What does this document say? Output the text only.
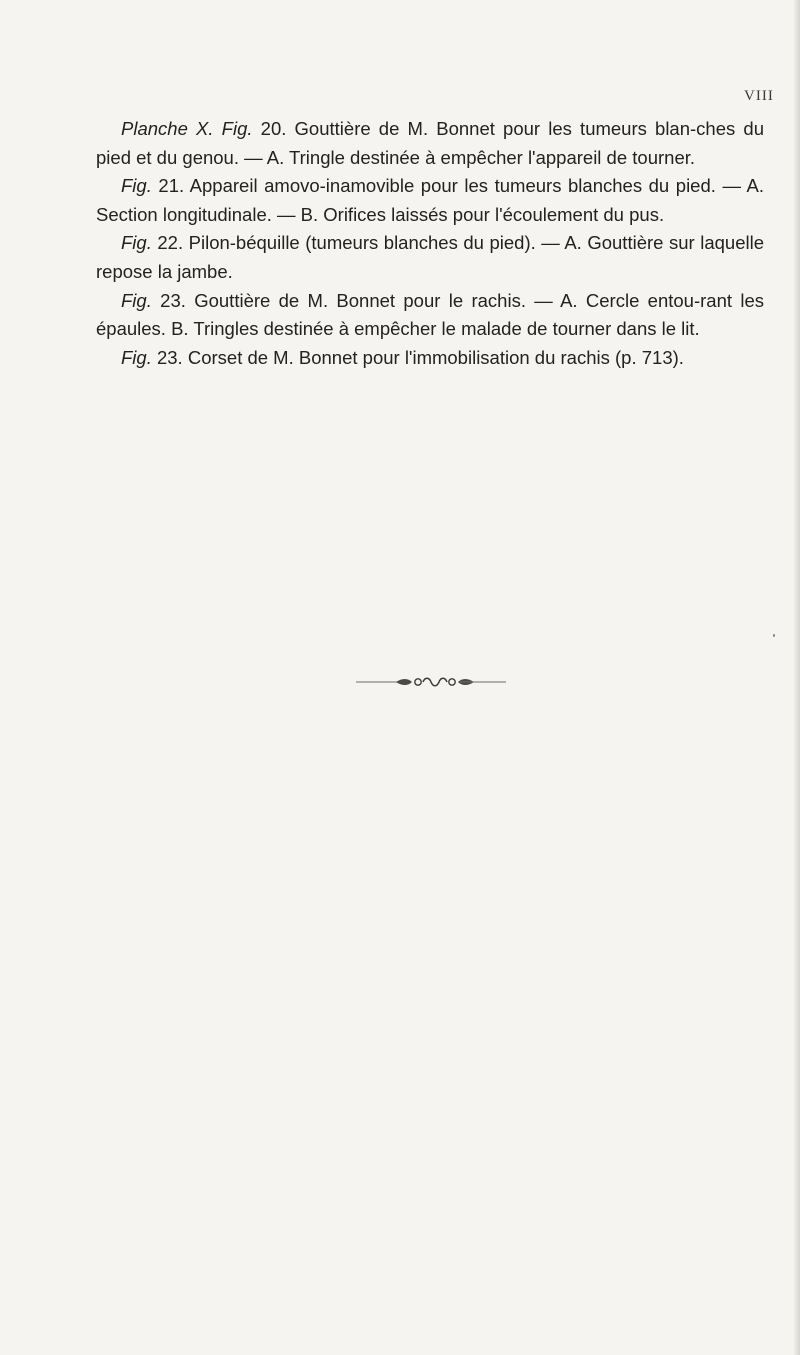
VIII

Planche X. Fig. 20. Gouttière de M. Bonnet pour les tumeurs blan-ches du pied et du genou. — A. Tringle destinée à empêcher l'appareil de tourner.

Fig. 21. Appareil amovo-inamovible pour les tumeurs blanches du pied. — A. Section longitudinale. — B. Orifices laissés pour l'écoulement du pus.

Fig. 22. Pilon-béquille (tumeurs blanches du pied). — A. Gouttière sur laquelle repose la jambe.

Fig. 23. Gouttière de M. Bonnet pour le rachis. — A. Cercle entou-rant les épaules. B. Tringles destinée à empêcher le malade de tourner dans le lit.

Fig. 23. Corset de M. Bonnet pour l'immobilisation du rachis (p. 713).
